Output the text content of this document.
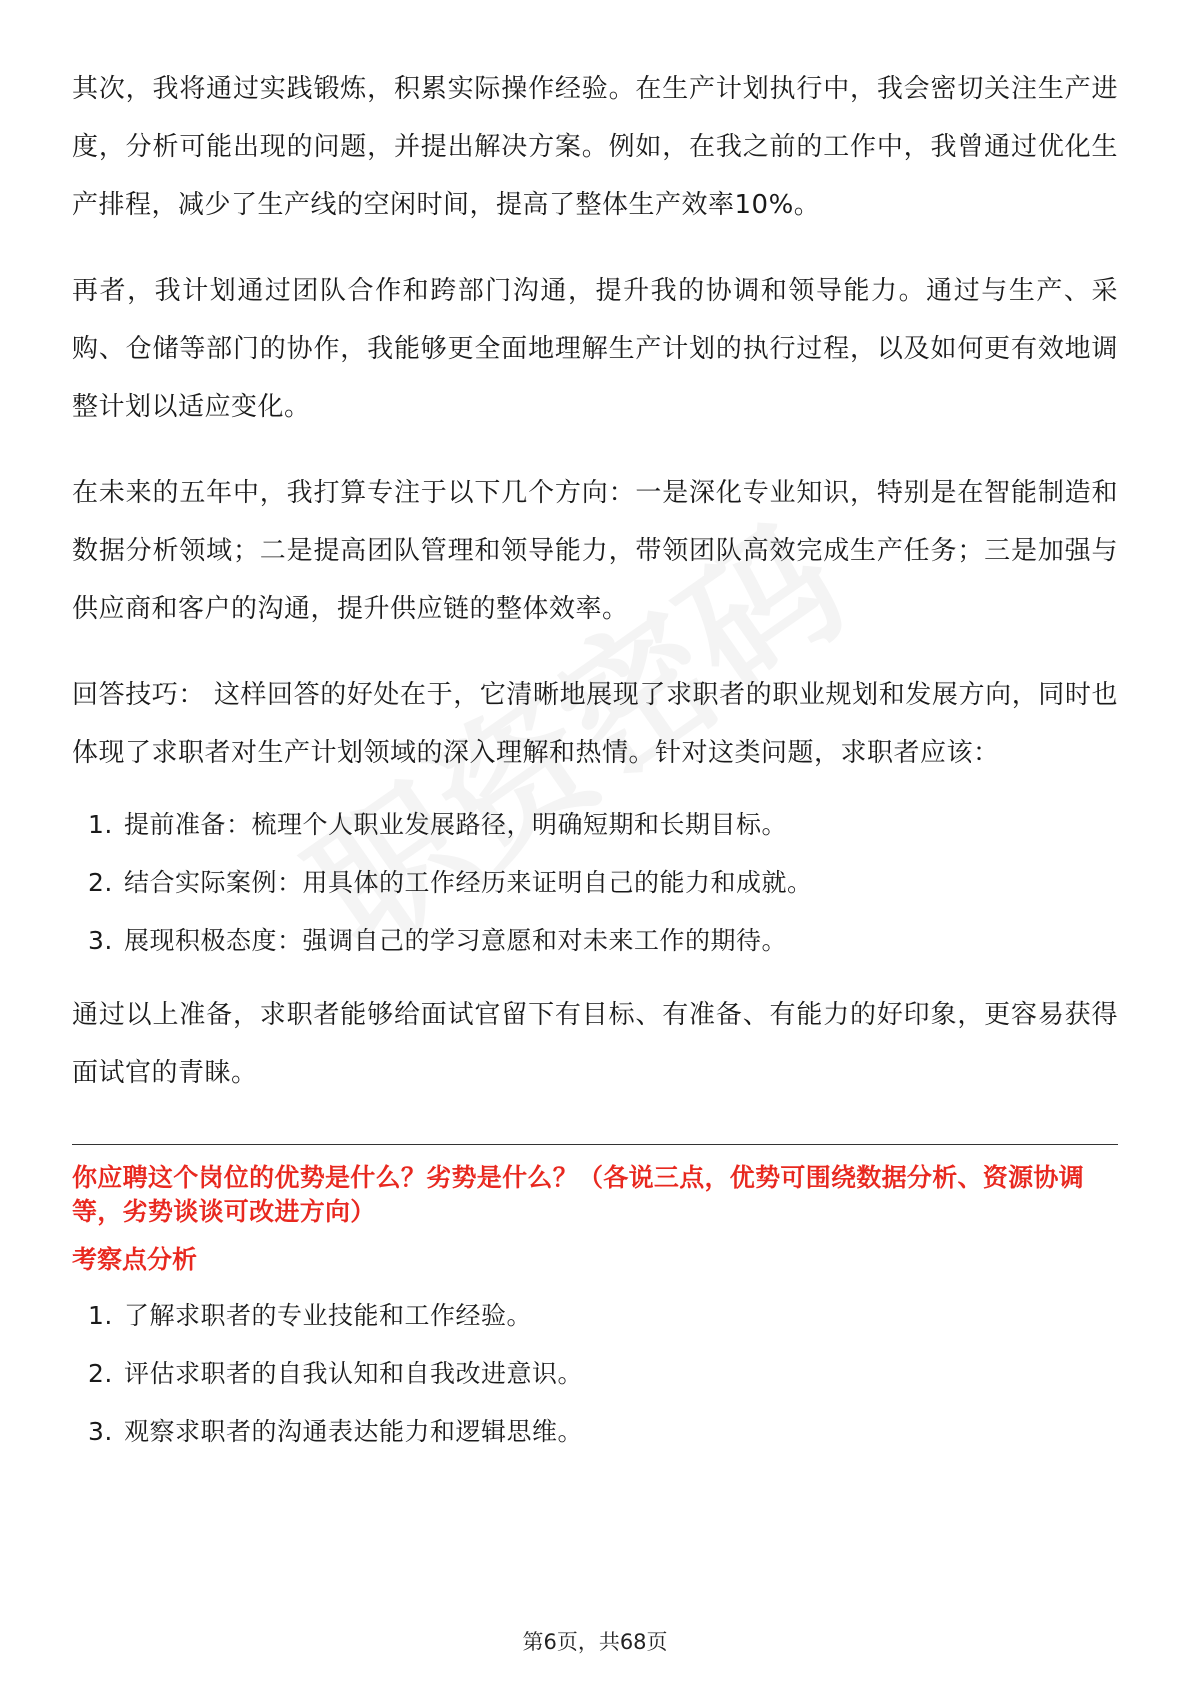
其次，我将通过实践锻炼，积累实际操作经验。在生产计划执行中，我会密切关注生产进度，分析可能出现的问题，并提出解决方案。例如，在我之前的工作中，我曾通过优化生产排程，减少了生产线的空闲时间，提高了整体生产效率10%。

再者，我计划通过团队合作和跨部门沟通，提升我的协调和领导能力。通过与生产、采购、仓储等部门的协作，我能够更全面地理解生产计划的执行过程，以及如何更有效地调整计划以适应变化。

在未来的五年中，我打算专注于以下几个方向：一是深化专业知识，特别是在智能制造和数据分析领域；二是提高团队管理和领导能力，带领团队高效完成生产任务；三是加强与供应商和客户的沟通，提升供应链的整体效率。

回答技巧： 这样回答的好处在于，它清晰地展现了求职者的职业规划和发展方向，同时也体现了求职者对生产计划领域的深入理解和热情。针对这类问题，求职者应该：

1. 提前准备：梳理个人职业发展路径，明确短期和长期目标。
2. 结合实际案例：用具体的工作经历来证明自己的能力和成就。
3. 展现积极态度：强调自己的学习意愿和对未来工作的期待。

通过以上准备，求职者能够给面试官留下有目标、有准备、有能力的好印象，更容易获得面试官的青睐。

你应聘这个岗位的优势是什么？劣势是什么？（各说三点，优势可围绕数据分析、资源协调等，劣势谈谈可改进方向）
考察点分析
1. 了解求职者的专业技能和工作经验。
2. 评估求职者的自我认知和自我改进意识。
3. 观察求职者的沟通表达能力和逻辑思维。
第6页，共68页
